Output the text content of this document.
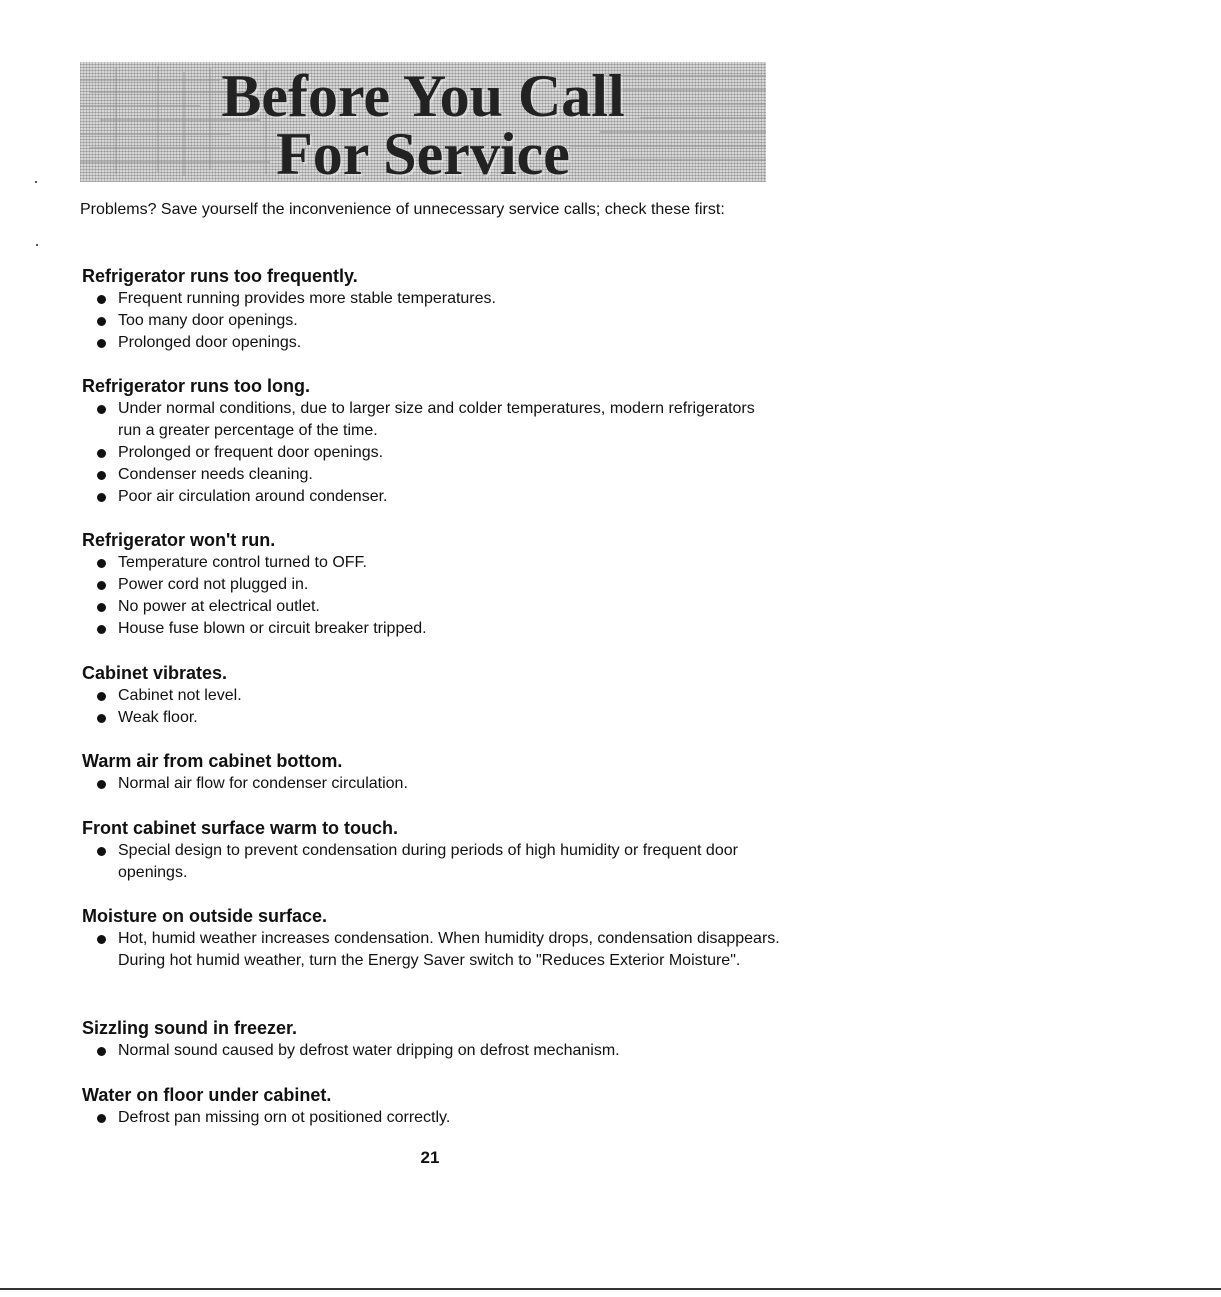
Before You Call
For Service

Problems? Save yourself the inconvenience of unnecessary service calls; check these first:

Refrigerator runs too frequently.
Frequent running provides more stable temperatures.
Too many door openings.
Prolonged door openings.
Refrigerator runs too long.
Under normal conditions, due to larger size and colder temperatures, modern refrigerators run a greater percentage of the time.
Prolonged or frequent door openings.
Condenser needs cleaning.
Poor air circulation around condenser.
Refrigerator won't run.
Temperature control turned to OFF.
Power cord not plugged in.
No power at electrical outlet.
House fuse blown or circuit breaker tripped.
Cabinet vibrates.
Cabinet not level.
Weak floor.
Warm air from cabinet bottom.
Normal air flow for condenser circulation.
Front cabinet surface warm to touch.
Special design to prevent condensation during periods of high humidity or frequent door openings.
Moisture on outside surface.
Hot, humid weather increases condensation. When humidity drops, condensation disappears. During hot humid weather, turn the Energy Saver switch to "Reduces Exterior Moisture".
Sizzling sound in freezer.
Normal sound caused by defrost water dripping on defrost mechanism.
Water on floor under cabinet.
Defrost pan missing orn ot positioned correctly.
21
